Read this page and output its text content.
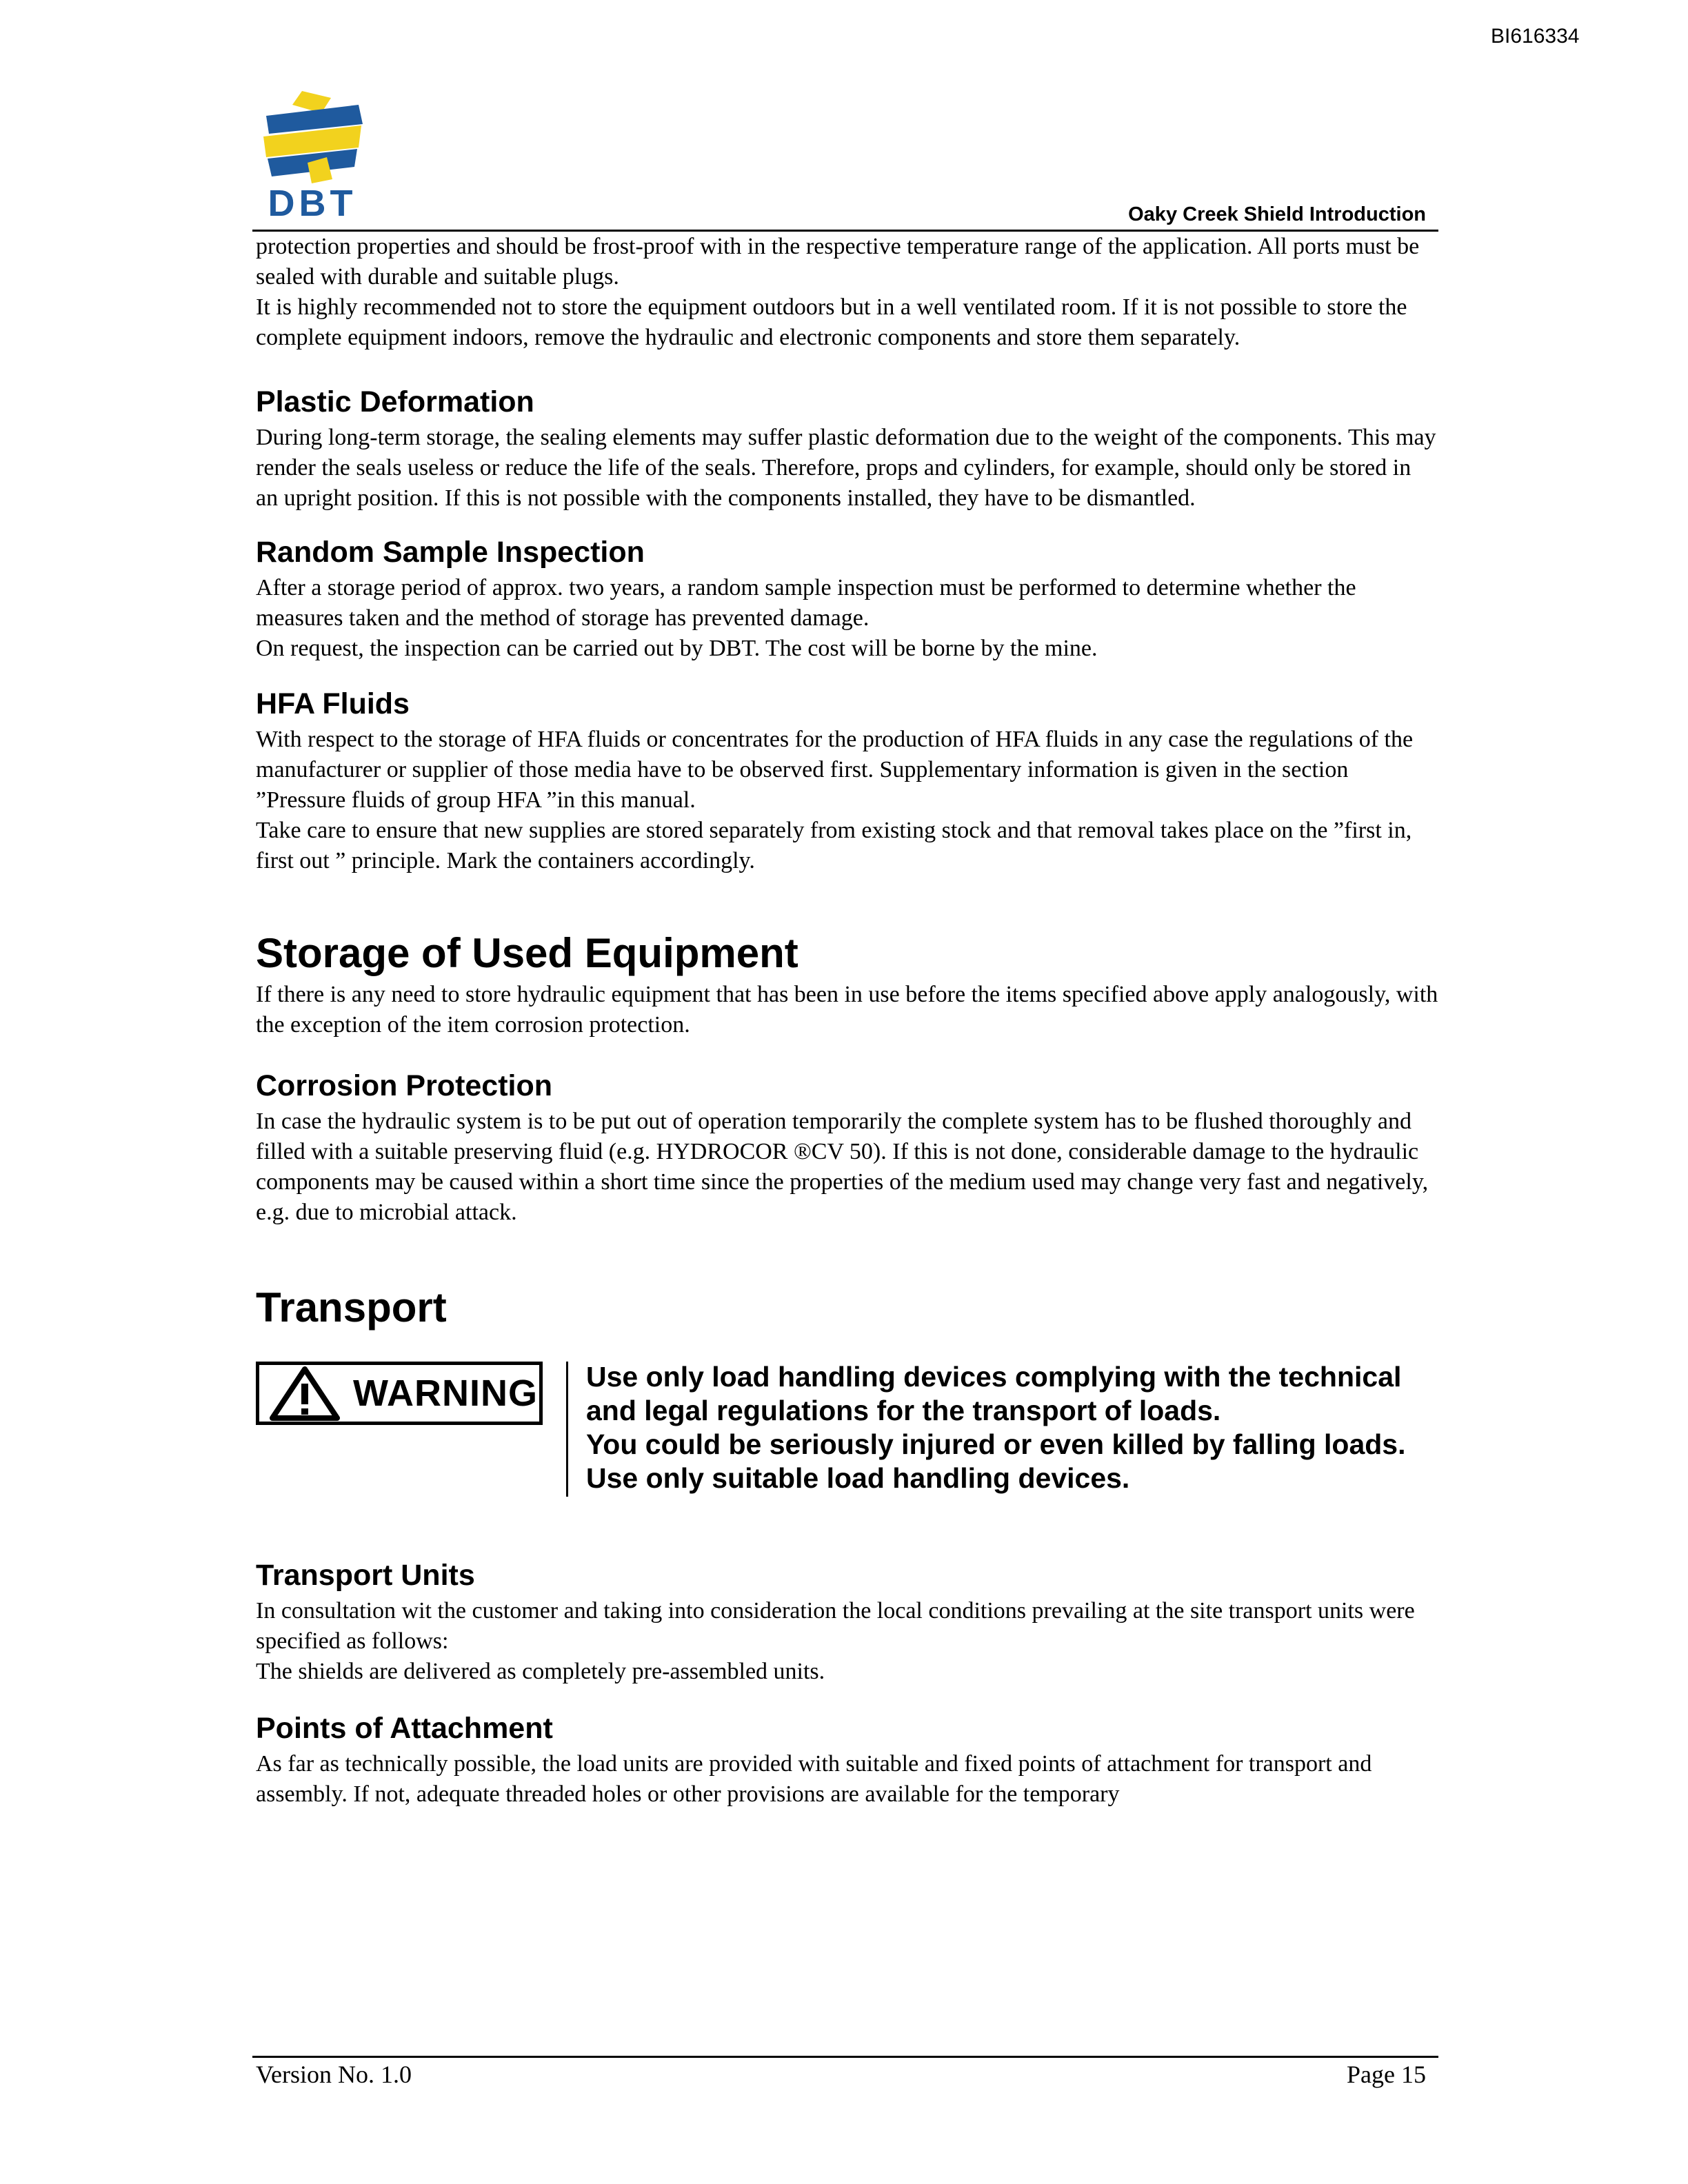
BI616334
DBT	Oaky Creek Shield Introduction

protection properties and should be frost-proof with in the respective temperature range of the application. All ports must be sealed with durable and suitable plugs.

It is highly recommended not to store the equipment outdoors but in a well ventilated room. If it is not possible to store the complete equipment indoors, remove the hydraulic and electronic components and store them separately.

Plastic Deformation

During long-term storage, the sealing elements may suffer plastic deformation due to the weight of the components. This may render the seals useless or reduce the life of the seals. Therefore, props and cylinders, for example, should only be stored in an upright position. If this is not possible with the components installed, they have to be dismantled.

Random Sample Inspection

After a storage period of approx. two years, a random sample inspection must be performed to determine whether the measures taken and the method of storage has prevented damage.

On request, the inspection can be carried out by DBT. The cost will be borne by the mine.

HFA Fluids

With respect to the storage of HFA fluids or concentrates for the production of HFA fluids in any case the regulations of the manufacturer or supplier of those media have to be observed first. Supplementary information is given in the section ”Pressure fluids of group HFA ”in this manual.

Take care to ensure that new supplies are stored separately from existing stock and that removal takes place on the ”first in, first out ” principle. Mark the containers accordingly.

Storage of Used Equipment

If there is any need to store hydraulic equipment that has been in use before the items specified above apply analogously, with the exception of the item corrosion protection.

Corrosion Protection

In case the hydraulic system is to be put out of operation temporarily the complete system has to be flushed thoroughly and filled with a suitable preserving fluid (e.g. HYDROCOR ®CV 50). If this is not done, considerable damage to the hydraulic components may be caused within a short time since the properties of the medium used may change very fast and negatively, e.g. due to microbial attack.

Transport
WARNING Use only load handling devices complying with the technical and legal regulations for the transport of loads.
You could be seriously injured or even killed by falling loads.
Use only suitable load handling devices.
Transport Units

In consultation wit the customer and taking into consideration the local conditions prevailing at the site transport units were specified as follows:

The shields are delivered as completely pre-assembled units.

Points of Attachment

As far as technically possible, the load units are provided with suitable and fixed points of attachment for transport and assembly. If not, adequate threaded holes or other provisions are available for the temporary

Version No. 1.0	Page 15
